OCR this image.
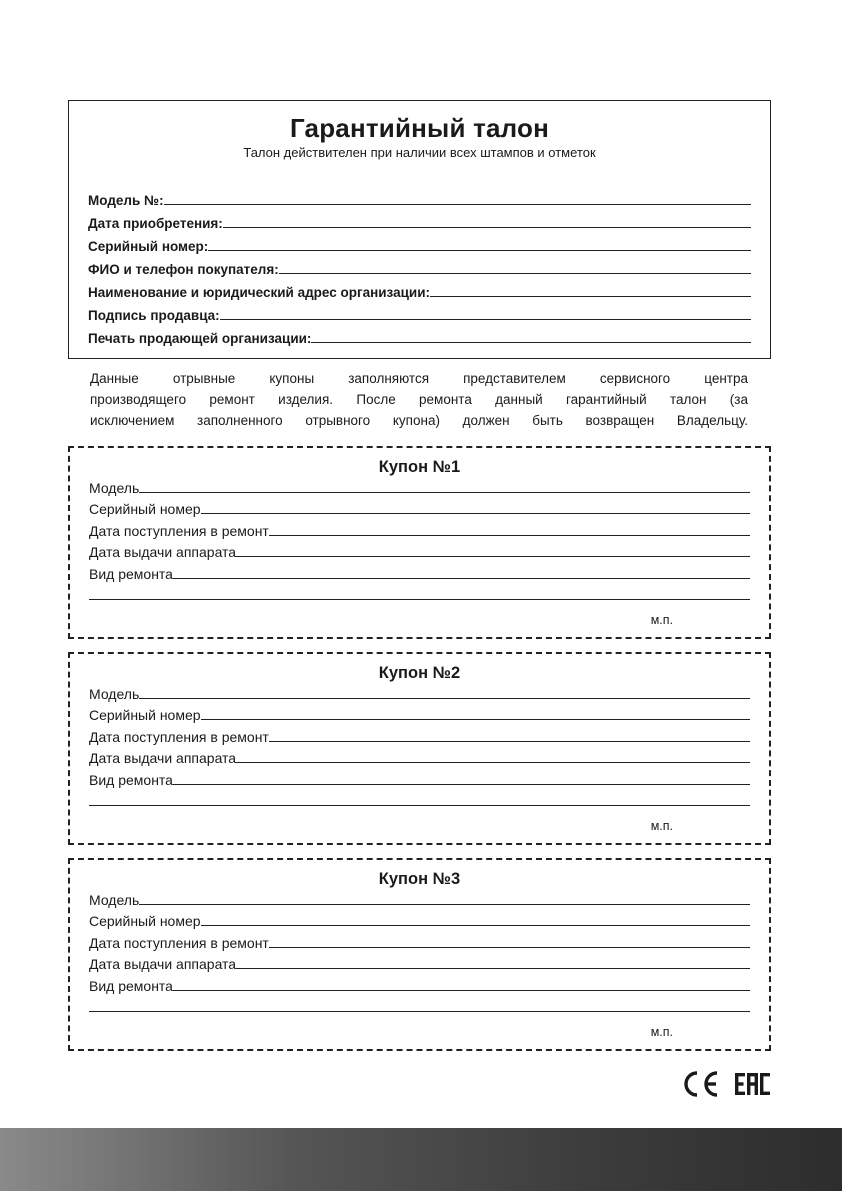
Гарантийный талон
Талон действителен при наличии всех штампов и отметок
Модель №:
Дата приобретения:
Серийный номер:
ФИО и телефон покупателя:
Наименование и юридический адрес организации:
Подпись продавца:
Печать продающей организации:
Данные отрывные купоны заполняются представителем сервисного центра
производящего ремонт изделия. После ремонта данный гарантийный талон (за
исключением заполненного отрывного купона) должен быть возвращен Владельцу.
Купон №1
Модель
Серийный номер
Дата поступления в ремонт
Дата выдачи аппарата
Вид ремонта
м.п.
Купон №2
Модель
Серийный номер
Дата поступления в ремонт
Дата выдачи аппарата
Вид ремонта
м.п.
Купон №3
Модель
Серийный номер
Дата поступления в ремонт
Дата выдачи аппарата
Вид ремонта
м.п.
